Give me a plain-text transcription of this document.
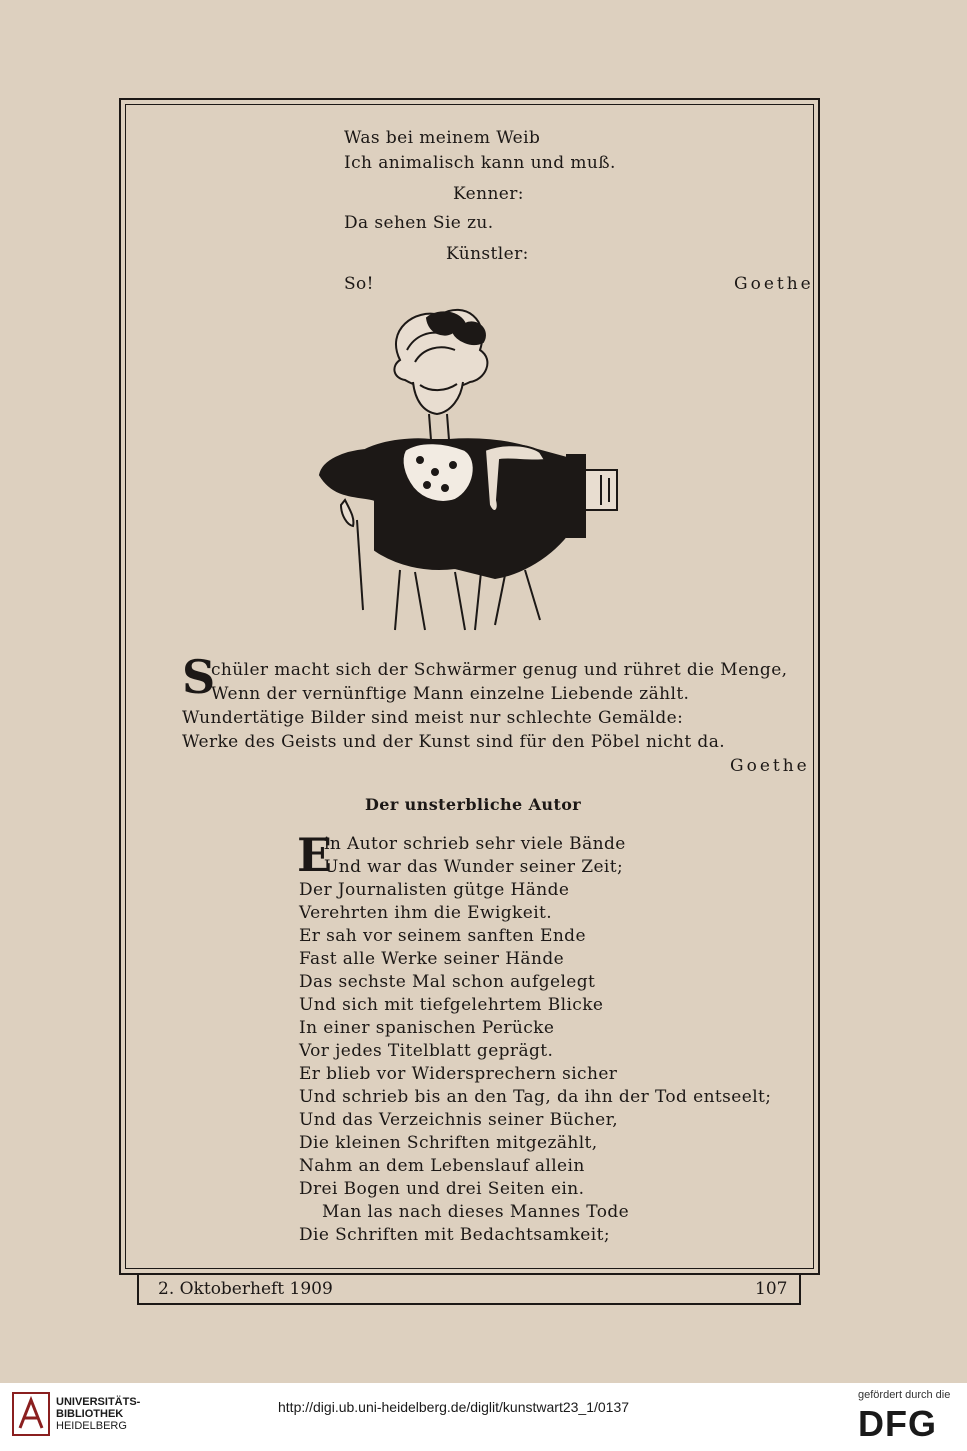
Was bei meinem Weib
Ich animalisch kann und muß.
Kenner:
Da sehen Sie zu.
Künstler:
So!	Goethe
S
chüler macht sich der Schwärmer genug und rühret die Menge,
Wenn der vernünftige Mann einzelne Liebende zählt.
Wundertätige Bilder sind meist nur schlechte Gemälde:
Werke des Geists und der Kunst sind für den Pöbel nicht da.
Goethe
Der unsterbliche Autor
E
in Autor schrieb sehr viele Bände
Und war das Wunder seiner Zeit;
Der Journalisten gütge Hände
Verehrten ihm die Ewigkeit.
Er sah vor seinem sanften Ende
Fast alle Werke seiner Hände
Das sechste Mal schon aufgelegt
Und sich mit tiefgelehrtem Blicke
In einer spanischen Perücke
Vor jedes Titelblatt geprägt.
Er blieb vor Widersprechern sicher
Und schrieb bis an den Tag, da ihn der Tod entseelt;
Und das Verzeichnis seiner Bücher,
Die kleinen Schriften mitgezählt,
Nahm an dem Lebenslauf allein
Drei Bogen und drei Seiten ein.
Man las nach dieses Mannes Tode
Die Schriften mit Bedachtsamkeit;
2. Oktoberheft 1909	107
UNIVERSITÄTS-
BIBLIOTHEK
HEIDELBERG
http://digi.ub.uni-heidelberg.de/diglit/kunstwart23_1/0137
gefördert durch die
DFG
